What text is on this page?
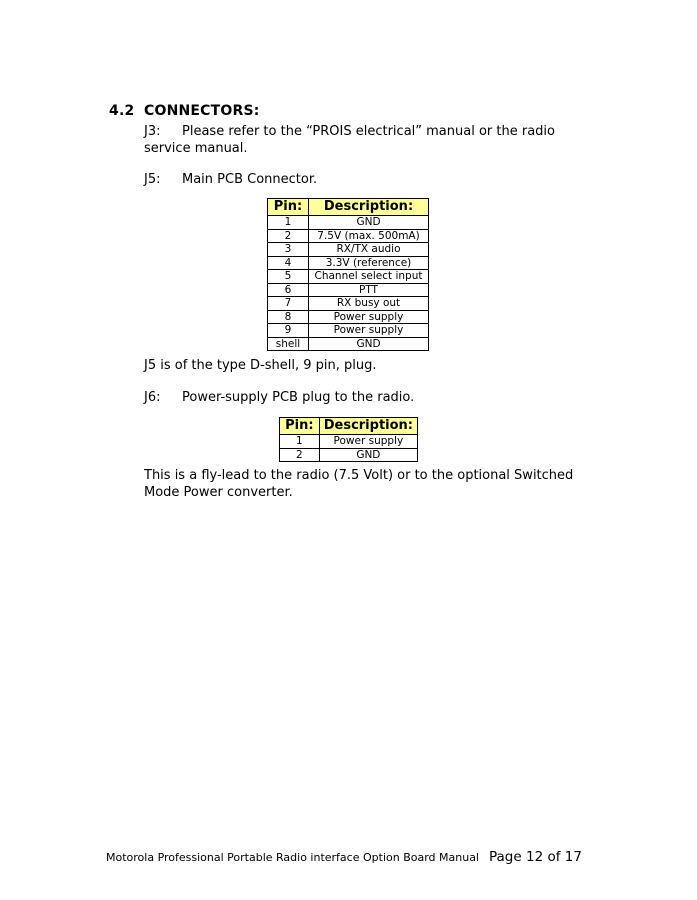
4.2 CONNECTORS:
J3: Please refer to the “PROIS electrical” manual or the radio
service manual.
J5: Main PCB Connector.
Pin:	Description:
1	GND
2	7.5V (max. 500mA)
3	RX/TX audio
4	3.3V (reference)
5	Channel select input
6	PTT
7	RX busy out
8	Power supply
9	Power supply
shell	GND
J5 is of the type D-shell, 9 pin, plug.
J6: Power-supply PCB plug to the radio.
Pin:	Description:
1	Power supply
2	GND
This is a fly-lead to the radio (7.5 Volt) or to the optional Switched
Mode Power converter.
Motorola Professional Portable Radio interface Option Board Manual Page 12 of 17
